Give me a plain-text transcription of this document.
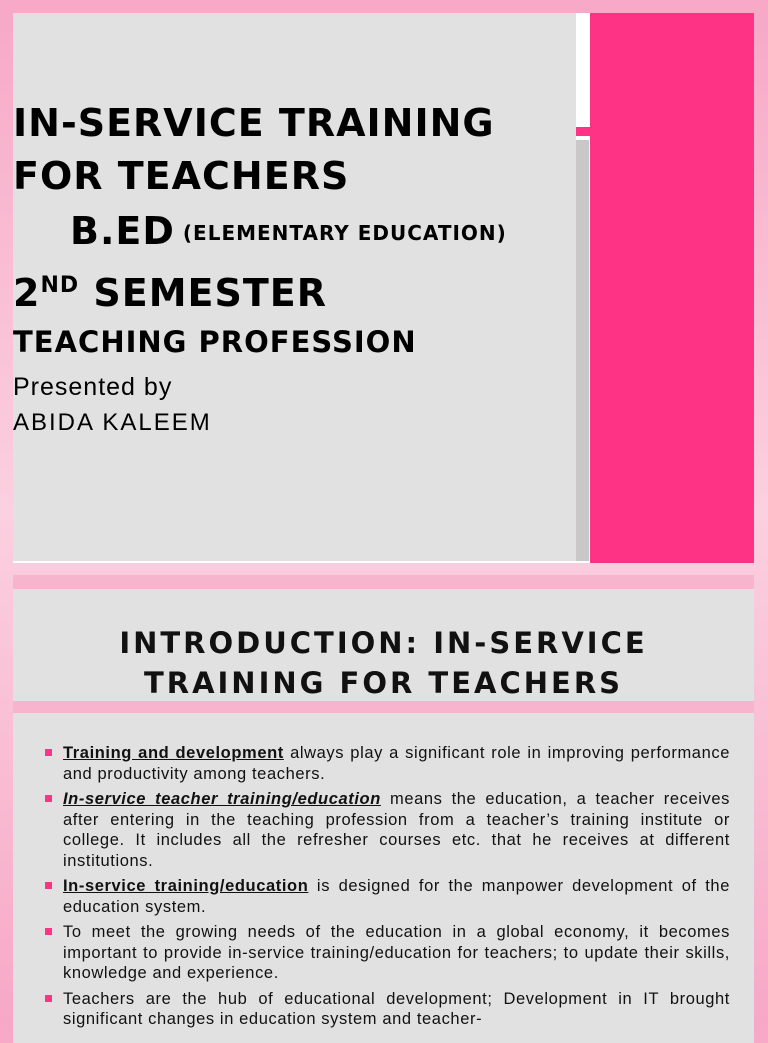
IN-SERVICE TRAINING
FOR TEACHERS
B.ED (ELEMENTARY EDUCATION)
2ND SEMESTER
TEACHING PROFESSION
Presented by
ABIDA KALEEM
INTRODUCTION: IN-SERVICE
TRAINING FOR TEACHERS
Training and development always play a significant role in improving performance and productivity among teachers.
In-service teacher training/education means the education, a teacher receives after entering in the teaching profession from a teacher’s training institute or college. It includes all the refresher courses etc. that he receives at different institutions.
In-service training/education is designed for the manpower development of the education system.
To meet the growing needs of the education in a global economy, it becomes important to provide in-service training/education for teachers; to update their skills, knowledge and experience.
Teachers are the hub of educational development; Development in IT brought significant changes in education system and teacher-
